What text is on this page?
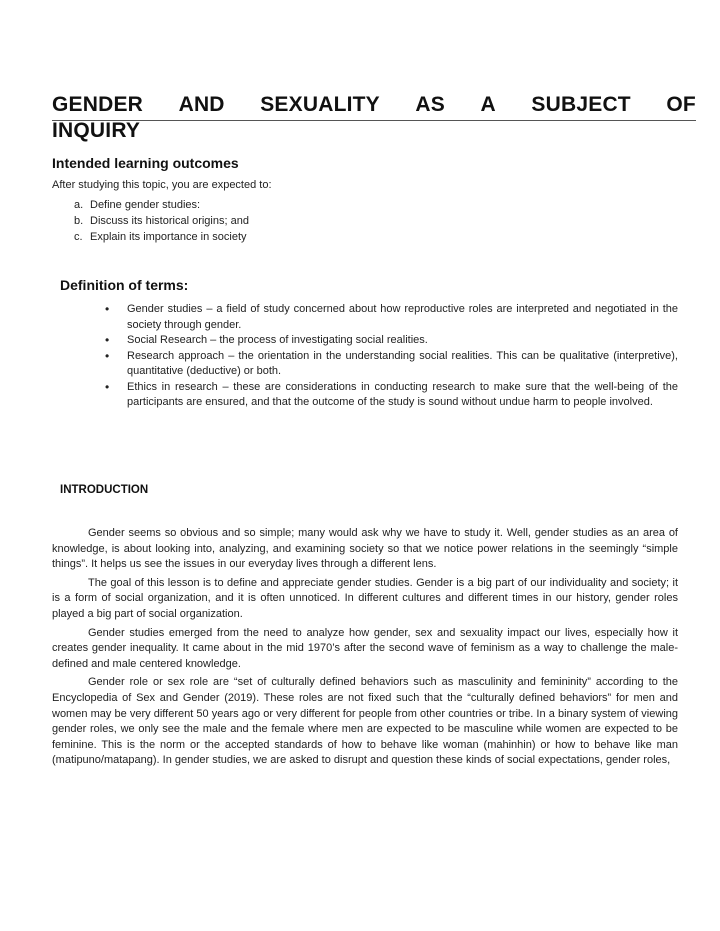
GENDER AND SEXUALITY AS A SUBJECT OF
INQUIRY
Intended learning outcomes

After studying this topic, you are expected to:

a. Define gender studies:
b. Discuss its historical origins; and
c. Explain its importance in society
Definition of terms:
• Gender studies – a field of study concerned about how reproductive roles are interpreted and negotiated in the society through gender.
• Social Research – the process of investigating social realities.
• Research approach – the orientation in the understanding social realities. This can be qualitative (interpretive), quantitative (deductive) or both.
• Ethics in research – these are considerations in conducting research to make sure that the well-being of the participants are ensured, and that the outcome of the study is sound without undue harm to people involved.
INTRODUCTION

Gender seems so obvious and so simple; many would ask why we have to study it. Well, gender studies as an area of knowledge, is about looking into, analyzing, and examining society so that we notice power relations in the seemingly “simple things”. It helps us see the issues in our everyday lives through a different lens.

The goal of this lesson is to define and appreciate gender studies. Gender is a big part of our individuality and society; it is a form of social organization, and it is often unnoticed. In different cultures and different times in our history, gender roles played a big part of social organization.

Gender studies emerged from the need to analyze how gender, sex and sexuality impact our lives, especially how it creates gender inequality. It came about in the mid 1970’s after the second wave of feminism as a way to challenge the male-defined and male centered knowledge.

Gender role or sex role are “set of culturally defined behaviors such as masculinity and femininity” according to the Encyclopedia of Sex and Gender (2019). These roles are not fixed such that the “culturally defined behaviors” for men and women may be very different 50 years ago or very different for people from other countries or tribe. In a binary system of viewing gender roles, we only see the male and the female where men are expected to be masculine while women are expected to be feminine. This is the norm or the accepted standards of how to behave like woman (mahinhin) or how to behave like man (matipuno/matapang). In gender studies, we are asked to disrupt and question these kinds of social expectations, gender roles,
